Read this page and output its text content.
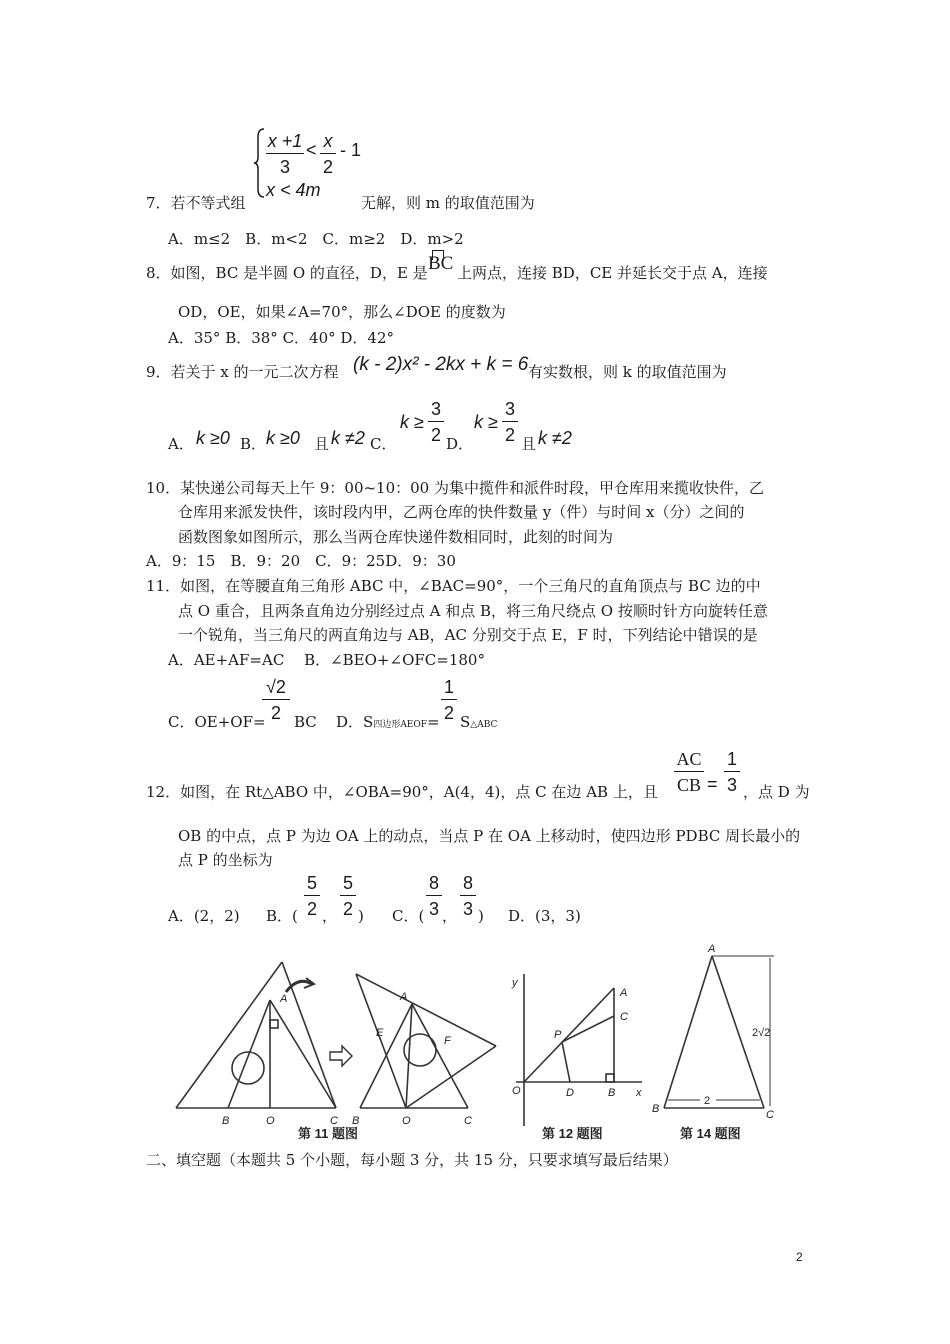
x +1
3
< x
2
- 1
x < 4m
7．若不等式组	无解，则 m 的取值范围为
A．m≤2　B．m<2　C．m≥2　D．m>2
8．如图，BC 是半圆 O 的直径，D，E 是 BC 上两点，连接 BD，CE 并延长交于点 A，连接
OD，OE，如果∠A=70°，那么∠DOE 的度数为
A．35° B．38° C．40° D．42°
9．若关于 x 的一元二次方程 (k - 2)x² - 2kx + k = 6 有实数根，则 k 的取值范围为
A． k ≥0 B． k ≥0 且 k ≠2 C．
k ≥
3
2 D．
k ≥
3
2 且 k ≠2
10．某快递公司每天上午 9：00~10：00 为集中揽件和派件时段，甲仓库用来揽收快件，乙
仓库用来派发快件，该时段内甲，乙两仓库的快件数量 y（件）与时间 x（分）之间的
函数图象如图所示，那么当两仓库快递件数相同时，此刻的时间为
A．9：15　B．9：20　C．9：25D．9：30
11．如图，在等腰直角三角形 ABC 中，∠BAC=90°，一个三角尺的直角顶点与 BC 边的中
点 O 重合，且两条直角边分别经过点 A 和点 B，将三角尺绕点 O 按顺时针方向旋转任意
一个锐角，当三角尺的两直角边与 AB，AC 分别交于点 E，F 时，下列结论中错误的是
A．AE+AF=AC　 B．∠BEO+∠OFC=180°
C．OE+OF=
√2
2 BC D．S四边形AEOF=
1
2 S△ABC
AC
CB =
1
3
12．如图，在 Rt△ABO 中，∠OBA=90°，A(4，4)，点 C 在边 AB 上，且	，点 D 为
OB 的中点，点 P 为边 OA 上的动点，当点 P 在 OA 上移动时，使四边形 PDBC 周长最小的
点 P 的坐标为
A．(2，2) B．(
5
2 ，
5
2 ) C．(
8
3 ，
8
3 ) D．(3，3)
A
B	O	C
A
E
F
B	O	C
y
x
O
A
C
P
D	B
A
B	C
2√2
2
第 11 题图	第 12 题图	第 14 题图
二、填空题（本题共 5 个小题，每小题 3 分，共 15 分，只要求填写最后结果）
2
